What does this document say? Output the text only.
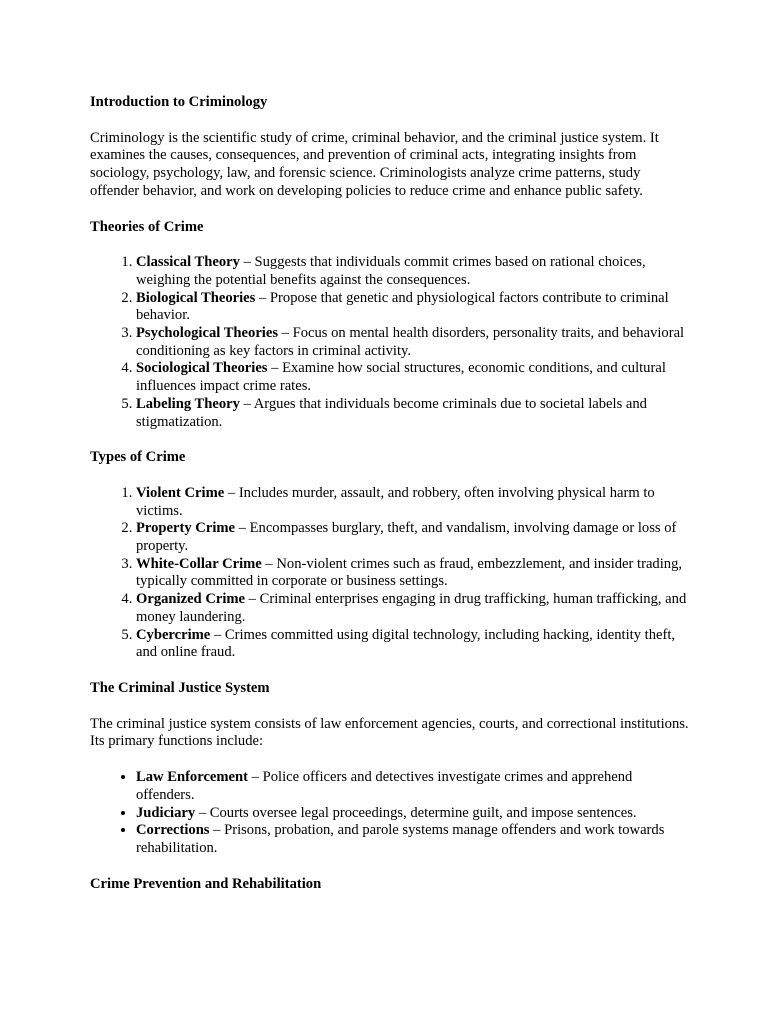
Introduction to Criminology

Criminology is the scientific study of crime, criminal behavior, and the criminal justice system. It examines the causes, consequences, and prevention of criminal acts, integrating insights from sociology, psychology, law, and forensic science. Criminologists analyze crime patterns, study offender behavior, and work on developing policies to reduce crime and enhance public safety.

Theories of Crime

1. Classical Theory – Suggests that individuals commit crimes based on rational choices, weighing the potential benefits against the consequences.
2. Biological Theories – Propose that genetic and physiological factors contribute to criminal behavior.
3. Psychological Theories – Focus on mental health disorders, personality traits, and behavioral conditioning as key factors in criminal activity.
4. Sociological Theories – Examine how social structures, economic conditions, and cultural influences impact crime rates.
5. Labeling Theory – Argues that individuals become criminals due to societal labels and stigmatization.

Types of Crime

1. Violent Crime – Includes murder, assault, and robbery, often involving physical harm to victims.
2. Property Crime – Encompasses burglary, theft, and vandalism, involving damage or loss of property.
3. White-Collar Crime – Non-violent crimes such as fraud, embezzlement, and insider trading, typically committed in corporate or business settings.
4. Organized Crime – Criminal enterprises engaging in drug trafficking, human trafficking, and money laundering.
5. Cybercrime – Crimes committed using digital technology, including hacking, identity theft, and online fraud.

The Criminal Justice System

The criminal justice system consists of law enforcement agencies, courts, and correctional institutions. Its primary functions include:

• Law Enforcement – Police officers and detectives investigate crimes and apprehend offenders.
• Judiciary – Courts oversee legal proceedings, determine guilt, and impose sentences.
• Corrections – Prisons, probation, and parole systems manage offenders and work towards rehabilitation.

Crime Prevention and Rehabilitation
